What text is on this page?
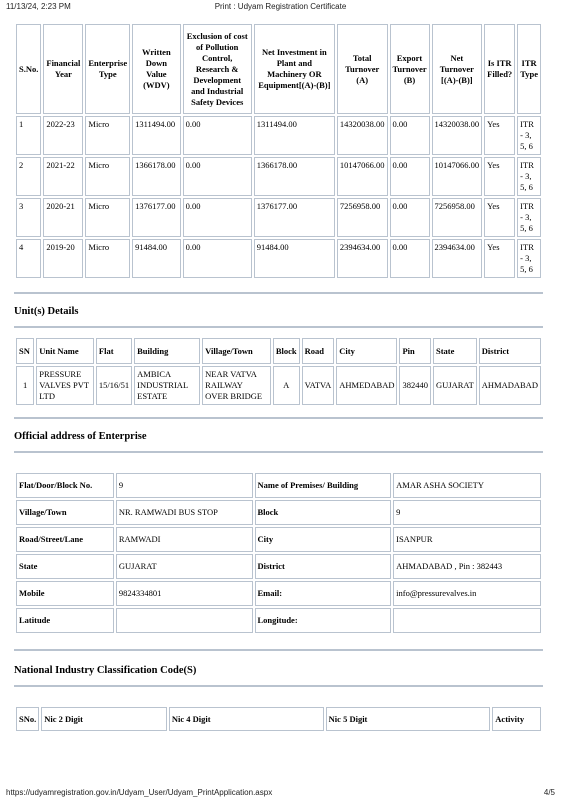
11/13/24, 2:23 PM	Print : Udyam Registration Certificate
S.No.	Financial Year	Enterprise Type	Written Down Value (WDV)	Exclusion of cost of Pollution Control, Research & Development and Industrial Safety Devices	Net Investment in Plant and Machinery OR Equipment[(A)-(B)]	Total Turnover (A)	Export Turnover (B)	Net Turnover [(A)-(B)]	Is ITR Filled?	ITR Type
1	2022-23	Micro	1311494.00	0.00	1311494.00	14320038.00	0.00	14320038.00	Yes	ITR - 3, 5, 6
2	2021-22	Micro	1366178.00	0.00	1366178.00	10147066.00	0.00	10147066.00	Yes	ITR - 3, 5, 6
3	2020-21	Micro	1376177.00	0.00	1376177.00	7256958.00	0.00	7256958.00	Yes	ITR - 3, 5, 6
4	2019-20	Micro	91484.00	0.00	91484.00	2394634.00	0.00	2394634.00	Yes	ITR - 3, 5, 6
Unit(s) Details
SN	Unit Name	Flat	Building	Village/Town	Block	Road	City	Pin	State	District
1	PRESSURE VALVES PVT LTD	15/16/51	AMBICA INDUSTRIAL ESTATE	NEAR VATVA RAILWAY OVER BRIDGE	A	VATVA	AHMEDABAD	382440	GUJARAT	AHMADABAD
Official address of Enterprise
Flat/Door/Block No.	9	Name of Premises/ Building	AMAR ASHA SOCIETY
Village/Town	NR. RAMWADI BUS STOP	Block	9
Road/Street/Lane	RAMWADI	City	ISANPUR
State	GUJARAT	District	AHMADABAD , Pin : 382443
Mobile	9824334801	Email:	info@pressurevalves.in
Latitude		Longitude:	
National Industry Classification Code(S)
SNo.	Nic 2 Digit	Nic 4 Digit	Nic 5 Digit	Activity
https://udyamregistration.gov.in/Udyam_User/Udyam_PrintApplication.aspx	4/5
